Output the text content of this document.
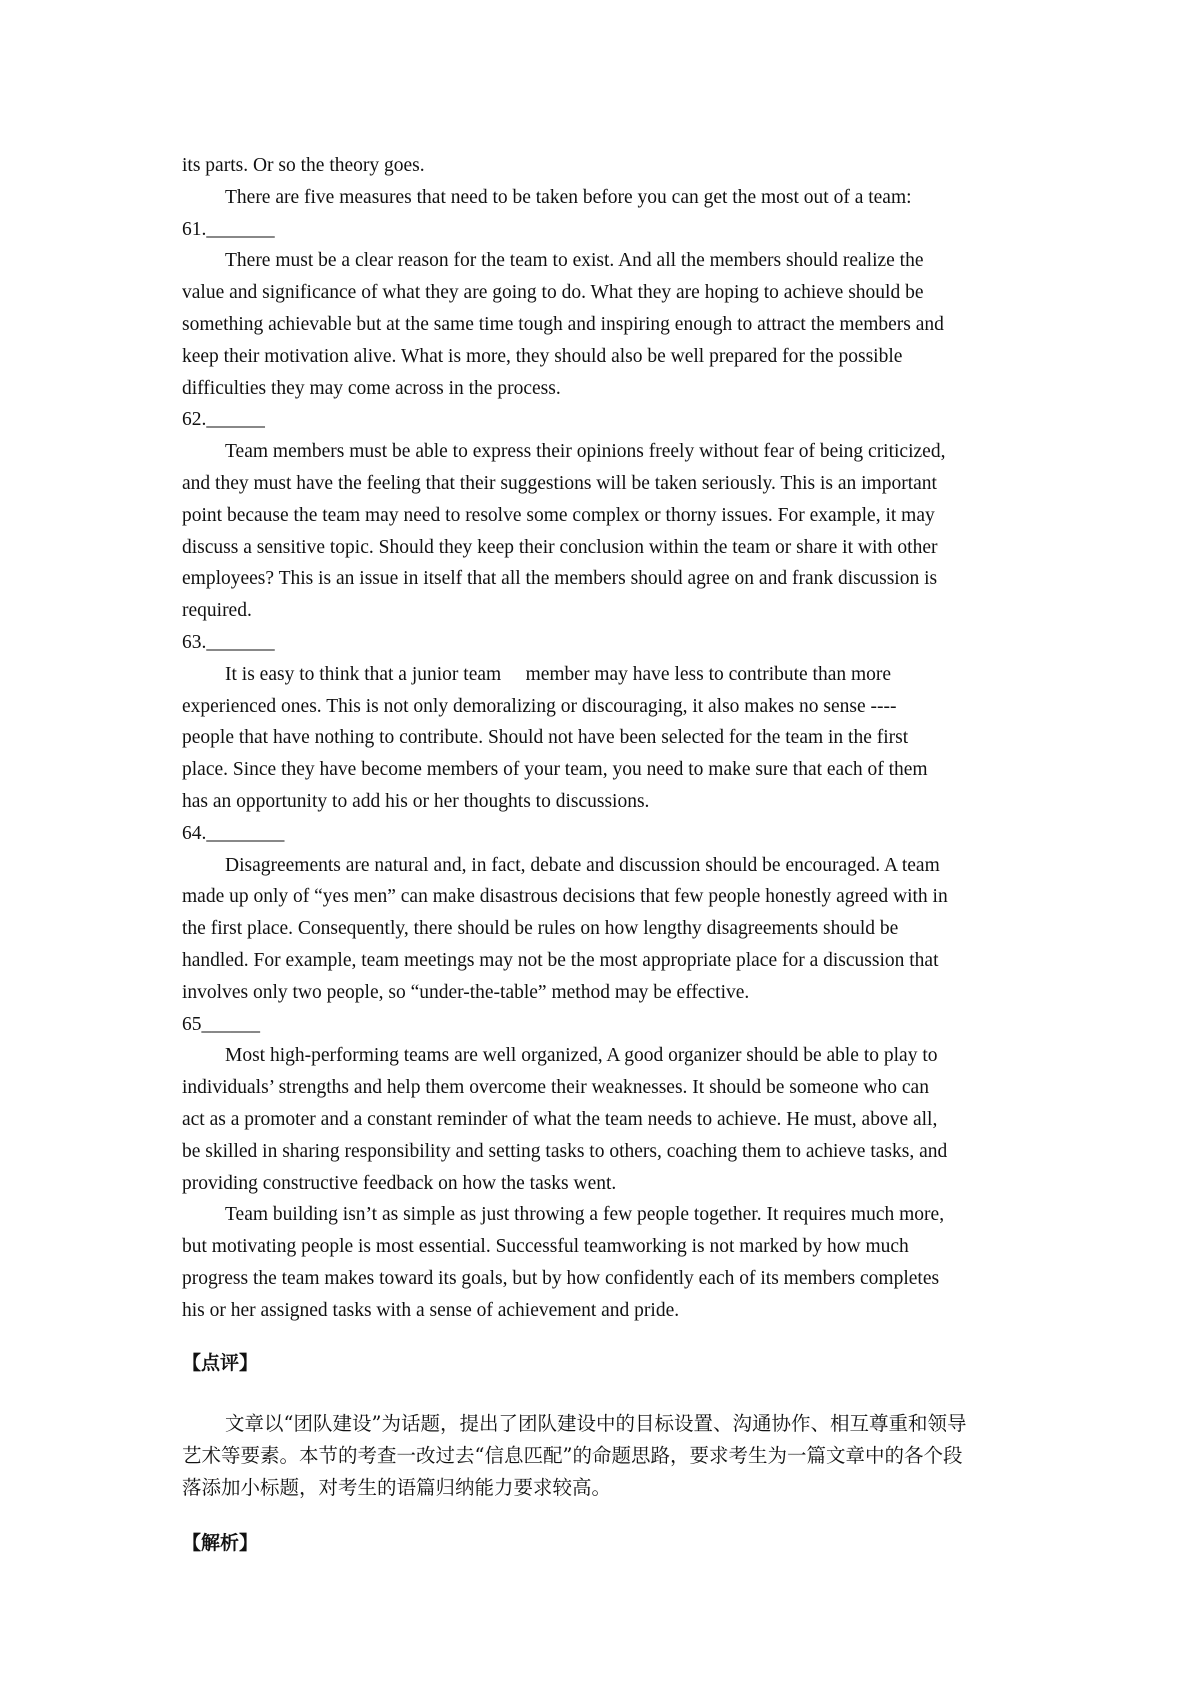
its parts. Or so the theory goes.

There are five measures that need to be taken before you can get the most out of a team:

61._______

There must be a clear reason for the team to exist. And all the members should realize the

value and significance of what they are going to do. What they are hoping to achieve should be

something achievable but at the same time tough and inspiring enough to attract the members and

keep their motivation alive. What is more, they should also be well prepared for the possible

difficulties they may come across in the process.

62.______

Team members must be able to express their opinions freely without fear of being criticized,

and they must have the feeling that their suggestions will be taken seriously. This is an important

point because the team may need to resolve some complex or thorny issues. For example, it may

discuss a sensitive topic. Should they keep their conclusion within the team or share it with other

employees? This is an issue in itself that all the members should agree on and frank discussion is

required.

63._______

It is easy to think that a junior team     member may have less to contribute than more

experienced ones. This is not only demoralizing or discouraging, it also makes no sense ----

people that have nothing to contribute. Should not have been selected for the team in the first

place. Since they have become members of your team, you need to make sure that each of them

has an opportunity to add his or her thoughts to discussions.

64.________

Disagreements are natural and, in fact, debate and discussion should be encouraged. A team

made up only of “yes men” can make disastrous decisions that few people honestly agreed with in

the first place. Consequently, there should be rules on how lengthy disagreements should be

handled. For example, team meetings may not be the most appropriate place for a discussion that

involves only two people, so “under-the-table” method may be effective.

65______

Most high-performing teams are well organized, A good organizer should be able to play to

individuals’ strengths and help them overcome their weaknesses. It should be someone who can

act as a promoter and a constant reminder of what the team needs to achieve. He must, above all,

be skilled in sharing responsibility and setting tasks to others, coaching them to achieve tasks, and

providing constructive feedback on how the tasks went.

Team building isn’t as simple as just throwing a few people together. It requires much more,

but motivating people is most essential. Successful teamworking is not marked by how much

progress the team makes toward its goals, but by how confidently each of its members completes

his or her assigned tasks with a sense of achievement and pride.

【点评】

文章以“团队建设”为话题，提出了团队建设中的目标设置、沟通协作、相互尊重和领导

艺术等要素。本节的考查一改过去“信息匹配”的命题思路，要求考生为一篇文章中的各个段

落添加小标题，对考生的语篇归纳能力要求较高。

【解析】
